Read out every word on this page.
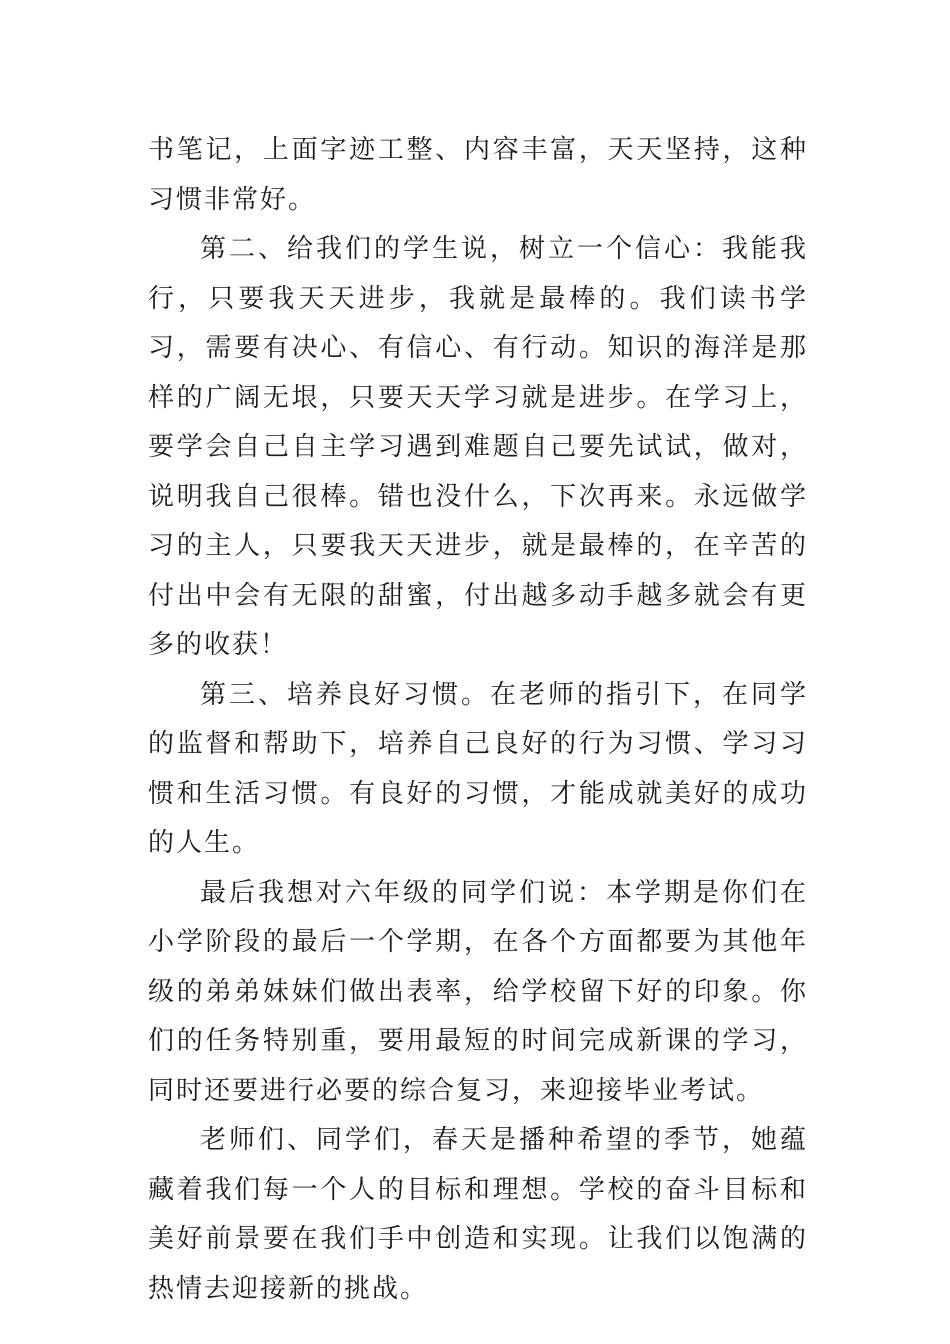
书笔记，上面字迹工整、内容丰富，天天坚持，这种习惯非常好。

第二、给我们的学生说，树立一个信心：我能我行，只要我天天进步，我就是最棒的。我们读书学习，需要有决心、有信心、有行动。知识的海洋是那样的广阔无垠，只要天天学习就是进步。在学习上，要学会自己自主学习遇到难题自己要先试试，做对，说明我自己很棒。错也没什么，下次再来。永远做学习的主人，只要我天天进步，就是最棒的，在辛苦的付出中会有无限的甜蜜，付出越多动手越多就会有更多的收获！

第三、培养良好习惯。在老师的指引下，在同学的监督和帮助下，培养自己良好的行为习惯、学习习惯和生活习惯。有良好的习惯，才能成就美好的成功的人生。

最后我想对六年级的同学们说：本学期是你们在小学阶段的最后一个学期，在各个方面都要为其他年级的弟弟妹妹们做出表率，给学校留下好的印象。你们的任务特别重，要用最短的时间完成新课的学习，同时还要进行必要的综合复习，来迎接毕业考试。

老师们、同学们，春天是播种希望的季节，她蕴藏着我们每一个人的目标和理想。学校的奋斗目标和美好前景要在我们手中创造和实现。让我们以饱满的热情去迎接新的挑战。
